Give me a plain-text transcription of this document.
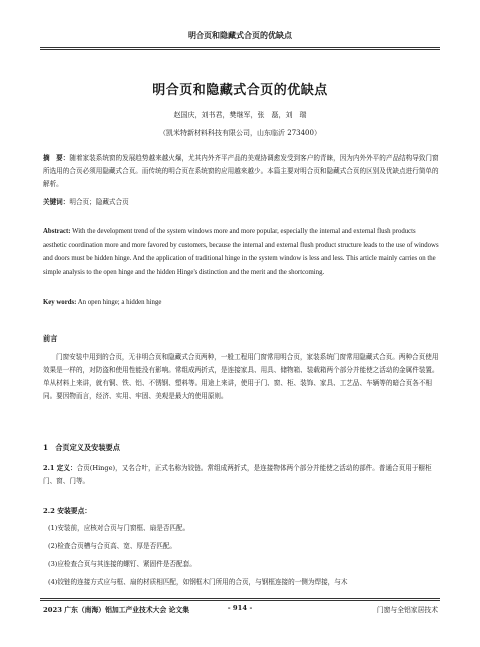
明合页和隐藏式合页的优缺点
明合页和隐藏式合页的优缺点
赵国庆，刘书君，樊继军，张　磊，刘　瑞
（凯米特新材料科技有限公司，山东临沂 273400）
摘　要：随着家装系统窗的发展趋势越来越火爆，尤其内外齐平产品的美观协调愈发受到客户的青睐，因为内外外平的产品结构导致门窗所选用的合页必须用隐藏式合页。而传统的明合页在系统窗的应用越来越少。本篇主要对明合页和隐藏式合页的区别及优缺点进行简单的解析。
关键词：明合页；隐藏式合页
Abstract: With the development trend of the system windows more and more popular, especially the internal and external flush products aesthetic coordination more and more favored by customers, because the internal and external flush product structure leads to the use of windows and doors must be hidden hinge. And the application of traditional hinge in the system window is less and less. This article mainly carries on the simple analysis to the open hinge and the hidden Hinge's distinction and the merit and the shortcoming.
Key words: An open hinge; a hidden hinge
前言
门窗安装中用到的合页，无非明合页和隐藏式合页两种，一般工程用门窗常用明合页，家装系统门窗常用隐藏式合页。两种合页使用效果是一样的，对防盗和使用性能没有影响。常组成两折式，是连接家具、用具、储物箱、装载箱两个部分并能使之活动的金属件装置。单从材料上来讲，就有铜、铁、铝、不锈钢、塑料等。用途上来讲，使用于门、窗、柜、装饰、家具、工艺品、车辆等的暗合页各不相同。要因物而言，经济、实用、牢固、美观是最大的使用原则。
1　合页定义及安装要点
2.1 定义：合页(Hinge)，又名合叶，正式名称为铰链。常组成两折式，是连接物体两个部分并能使之活动的部件。普通合页用于橱柜门、窗、门等。
2.2 安装要点：
(1)安装前，应核对合页与门窗框、扇是否匹配。
(2)检查合页槽与合页高、宽、厚是否匹配。
(3)应检查合页与其连接的螺钉、紧固件是否配套。
(4)铰链的连接方式应与框、扇的材质相匹配，如钢框木门所用的合页，与钢框连接的一侧为焊接，与木
2023 广东（南海）铝加工产业技术大会 论文集	- 914 -	门窗与全铝家居技术
